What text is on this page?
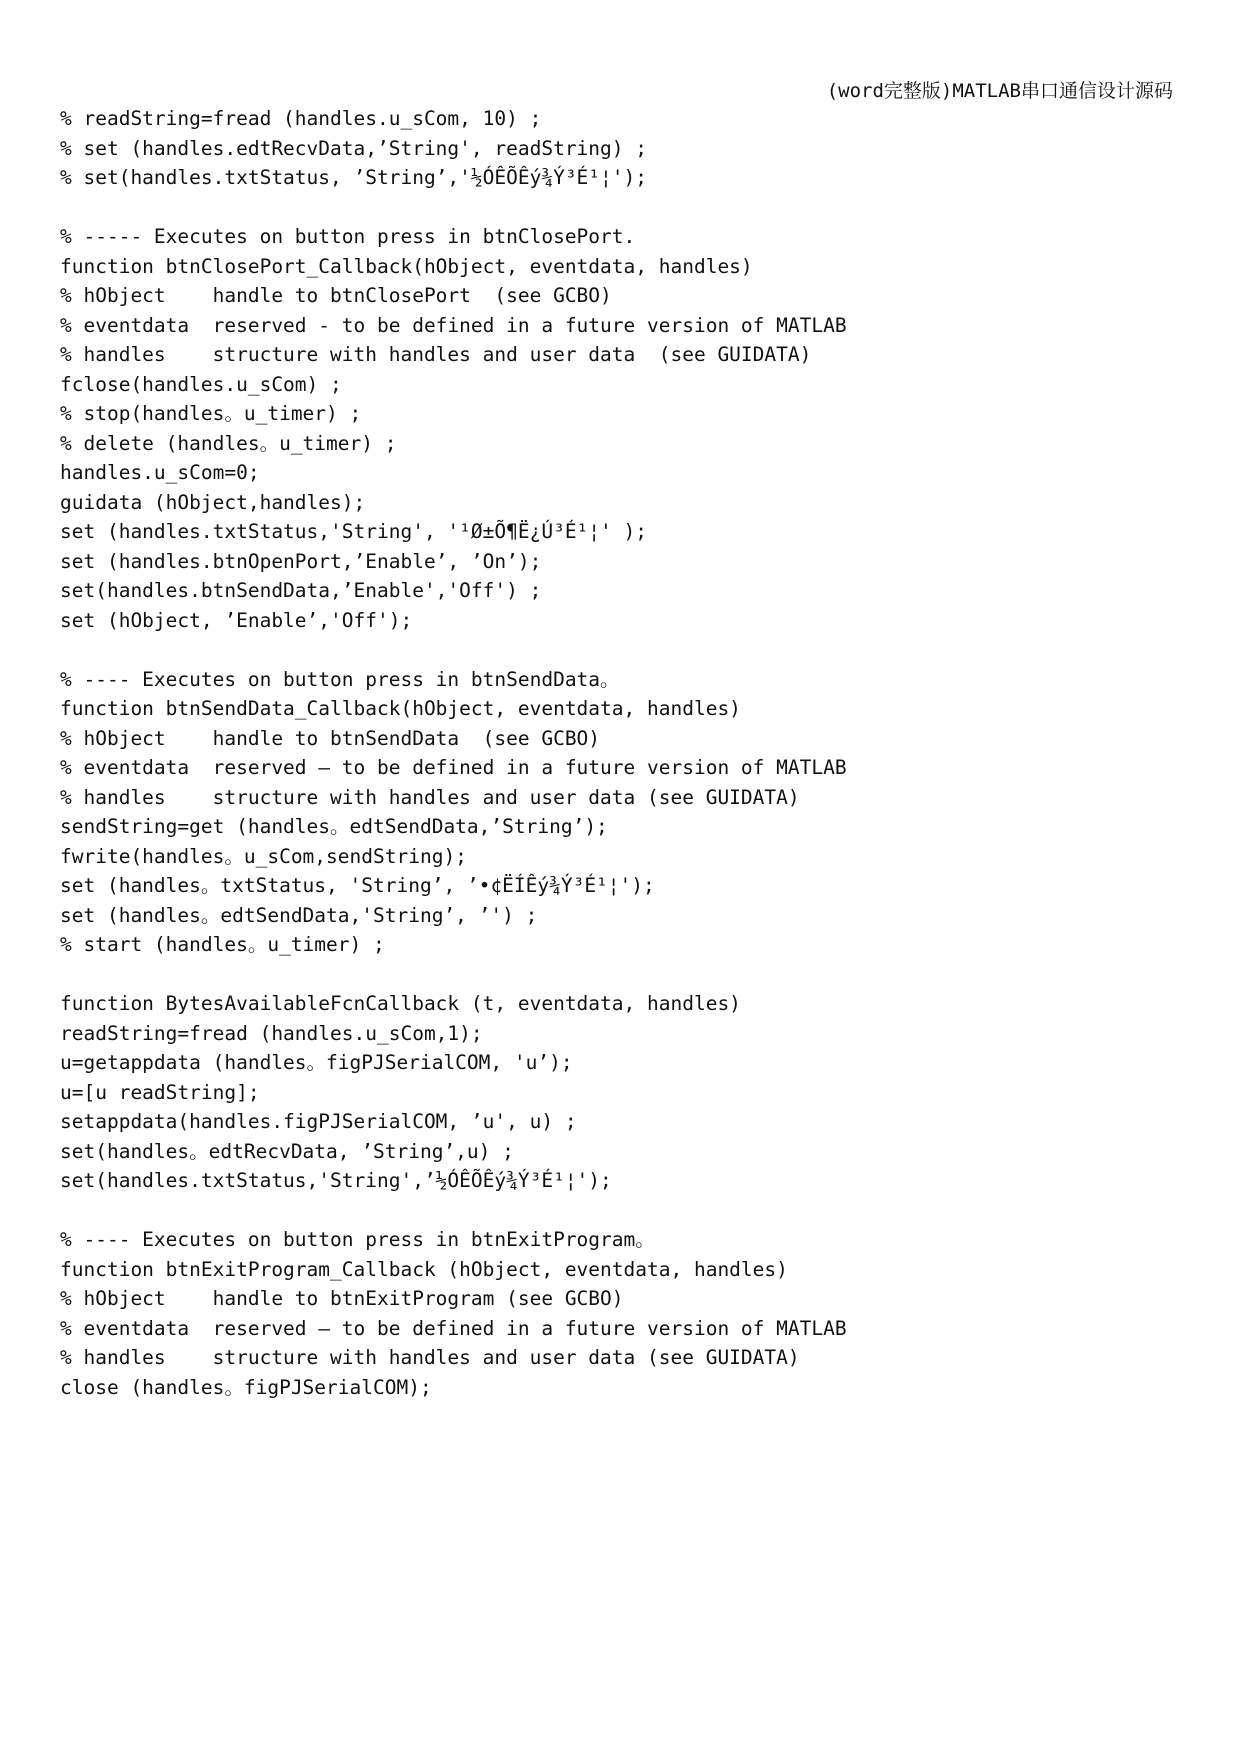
(word完整版)MATLAB串口通信设计源码
% readString=fread (handles.u_sCom, 10) ;
% set (handles.edtRecvData,’String', readString) ;
% set(handles.txtStatus, ’String’,'½ÓÊÕÊý¾Ý³É¹¦');
% ----- Executes on button press in btnClosePort.
function btnClosePort_Callback(hObject, eventdata, handles)
% hObject    handle to btnClosePort  (see GCBO)
% eventdata  reserved - to be defined in a future version of MATLAB
% handles    structure with handles and user data  (see GUIDATA)
fclose(handles.u_sCom) ;
% stop(handles。u_timer) ;
% delete (handles。u_timer) ;
handles.u_sCom=0;
guidata (hObject,handles);
set (handles.txtStatus,'String', '¹Ø±Õ¶Ë¿Ú³É¹¦' );
set (handles.btnOpenPort,’Enable’, ’On’);
set(handles.btnSendData,’Enable','Off') ;
set (hObject, ’Enable’,'Off');
% ---- Executes on button press in btnSendData。
function btnSendData_Callback(hObject, eventdata, handles)
% hObject    handle to btnSendData  (see GCBO)
% eventdata  reserved — to be defined in a future version of MATLAB
% handles    structure with handles and user data (see GUIDATA)
sendString=get (handles。edtSendData,’String’);
fwrite(handles。u_sCom,sendString);
set (handles。txtStatus, 'String’, ’•¢ËÍÊý¾Ý³É¹¦');
set (handles。edtSendData,'String’, ’') ;
% start (handles。u_timer) ;
function BytesAvailableFcnCallback (t, eventdata, handles)
readString=fread (handles.u_sCom,1);
u=getappdata (handles。figPJSerialCOM, 'u’);
u=[u readString];
setappdata(handles.figPJSerialCOM, ’u', u) ;
set(handles。edtRecvData, ’String’,u) ;
set(handles.txtStatus,'String',’½ÓÊÕÊý¾Ý³É¹¦');
% ---- Executes on button press in btnExitProgram。
function btnExitProgram_Callback (hObject, eventdata, handles)
% hObject    handle to btnExitProgram (see GCBO)
% eventdata  reserved — to be defined in a future version of MATLAB
% handles    structure with handles and user data (see GUIDATA)
close (handles。figPJSerialCOM);
